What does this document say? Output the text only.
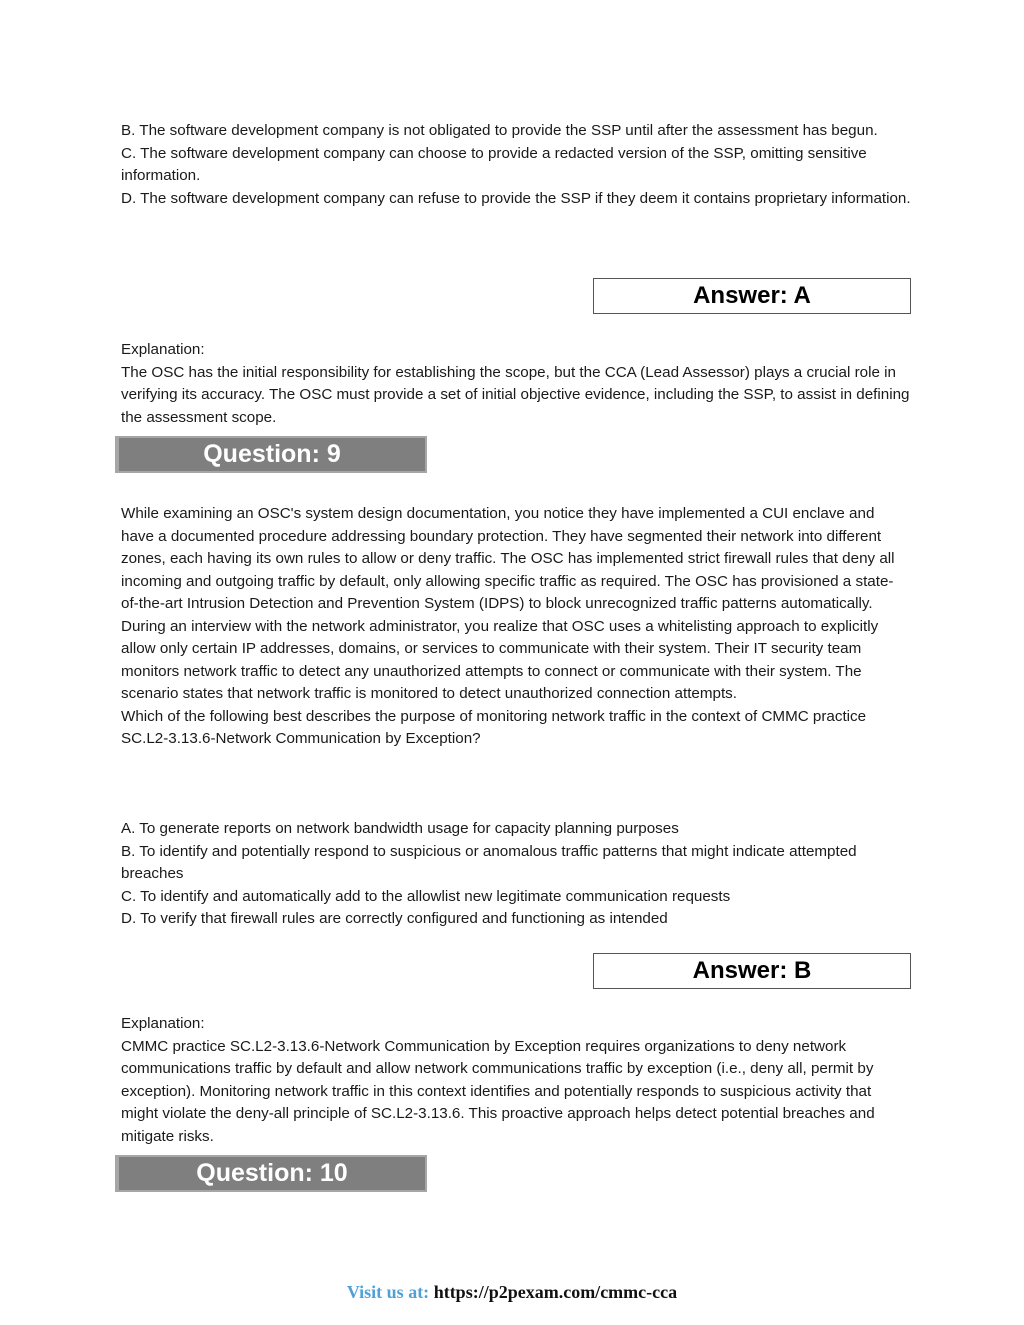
B. The software development company is not obligated to provide the SSP until after the assessment has begun.

C. The software development company can choose to provide a redacted version of the SSP, omitting sensitive information.

D. The software development company can refuse to provide the SSP if they deem it contains proprietary information.

Answer: A

Explanation:

The OSC has the initial responsibility for establishing the scope, but the CCA (Lead Assessor) plays a crucial role in verifying its accuracy. The OSC must provide a set of initial objective evidence, including the SSP, to assist in defining the assessment scope.

Question: 9

While examining an OSC's system design documentation, you notice they have implemented a CUI enclave and have a documented procedure addressing boundary protection. They have segmented their network into different zones, each having its own rules to allow or deny traffic. The OSC has implemented strict firewall rules that deny all incoming and outgoing traffic by default, only allowing specific traffic as required. The OSC has provisioned a state-of-the-art Intrusion Detection and Prevention System (IDPS) to block unrecognized traffic patterns automatically. During an interview with the network administrator, you realize that OSC uses a whitelisting approach to explicitly allow only certain IP addresses, domains, or services to communicate with their system. Their IT security team monitors network traffic to detect any unauthorized attempts to connect or communicate with their system. The scenario states that network traffic is monitored to detect unauthorized connection attempts.

Which of the following best describes the purpose of monitoring network traffic in the context of CMMC practice SC.L2-3.13.6-Network Communication by Exception?

A. To generate reports on network bandwidth usage for capacity planning purposes

B. To identify and potentially respond to suspicious or anomalous traffic patterns that might indicate attempted breaches

C. To identify and automatically add to the allowlist new legitimate communication requests

D. To verify that firewall rules are correctly configured and functioning as intended

Answer: B

Explanation:

CMMC practice SC.L2-3.13.6-Network Communication by Exception requires organizations to deny network communications traffic by default and allow network communications traffic by exception (i.e., deny all, permit by exception). Monitoring network traffic in this context identifies and potentially responds to suspicious activity that might violate the deny-all principle of SC.L2-3.13.6. This proactive approach helps detect potential breaches and mitigate risks.

Question: 10
Visit us at: https://p2pexam.com/cmmc-cca
